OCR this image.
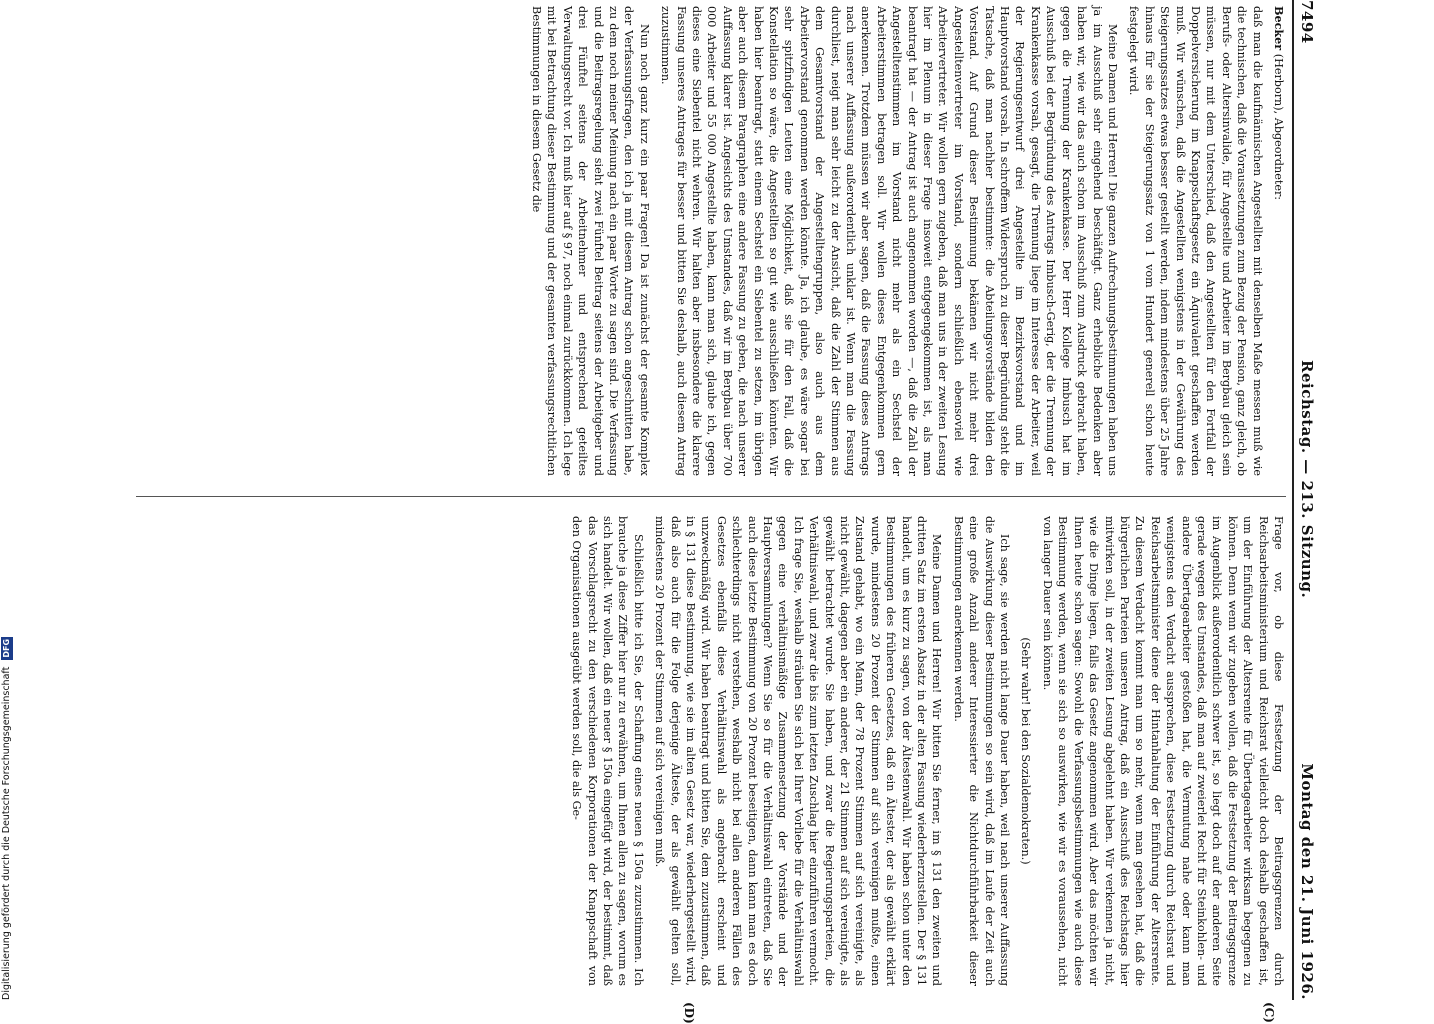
Digitalisierung gefördert durch die Deutsche Forschungsgemeinschaft DFG
7494
Reichstag. — 213. Sitzung.
Montag den 21. Juni 1926.
(C)
(D)

Becker (Herborn), Abgeordneter:

daß man die kaufmännischen Angestellten mit denselben Maße messen muß wie die technischen, daß die Voraussetzungen zum Bezug der Pension, ganz gleich, ob Berufs- oder Altersinvalide, für Angestellte und Arbeiter im Bergbau gleich sein müssen, nur mit dem Unterschied, daß den Angestellten für den Fortfall der Doppelversicherung im Knappschaftsgesetz ein Äquivalent geschaffen werden muß. Wir wünschen, daß die Angestellten wenigstens in der Gewährung des Steigerungssatzes etwas besser gestellt werden, indem mindestens über 25 Jahre hinaus für sie der Steigerungssatz von 1 vom Hundert generell schon heute festgelegt wird.

Meine Damen und Herren! Die ganzen Aufrechnungsbestimmungen haben uns ja im Ausschuß sehr eingehend beschäftigt. Ganz erhebliche Bedenken aber haben wir, wie wir das auch schon im Ausschuß zum Ausdruck gebracht haben, gegen die Trennung der Krankenkasse. Der Herr Kollege Imbusch hat im Ausschuß bei der Begründung des Antrags Imbusch-Gerig, der die Trennung der Krankenkasse vorsah, gesagt, die Trennung liege im Interesse der Arbeiter, weil der Regierungsentwurf drei Angestellte im Bezirksvorstand und im Hauptvorstand vorsah. In schroffem Widerspruch zu dieser Begründung steht die Tatsache, daß man nachher bestimmte: die Abteilungsvorstände bilden den Vorstand. Auf Grund dieser Bestimmung bekämen wir nicht mehr drei Angestelltenvertreter im Vorstand, sondern schließlich ebensoviel wie Arbeitervertreter. Wir wollen gern zugeben, daß man uns in der zweiten Lesung hier im Plenum in dieser Frage insoweit entgegengekommen ist, als man beantragt hat — der Antrag ist auch angenommen worden —, daß die Zahl der Angestelltenstimmen im Vorstand nicht mehr als ein Sechstel der Arbeiterstimmen betragen soll. Wir wollen dieses Entgegenkommen gern anerkennen. Trotzdem müssen wir aber sagen, daß die Fassung dieses Antrags nach unserer Auffassung außerordentlich unklar ist. Wenn man die Fassung durchliest, neigt man sehr leicht zu der Ansicht, daß die Zahl der Stimmen aus dem Gesamtvorstand der Angestelltengruppen, also auch aus dem Arbeitervorstand genommen werden könnte. Ja, ich glaube, es wäre sogar bei sehr spitzfindigen Leuten eine Möglichkeit, daß sie für den Fall, daß die Konstellation so wäre, die Angestellten so gut wie ausschließen könnten. Wir haben hier beantragt, statt einem Sechstel ein Siebentel zu setzen, im übrigen aber auch diesem Paragraphen eine andere Fassung zu geben, die nach unserer Auffassung klarer ist. Angesichts des Umstandes, daß wir im Bergbau über 700 000 Arbeiter und 55 000 Angestellte haben, kann man sich, glaube ich, gegen dieses eine Siebentel nicht wehren. Wir halten aber insbesondere die klarere Fassung unseres Antrages für besser und bitten Sie deshalb, auch diesem Antrag zuzustimmen.

Nun noch ganz kurz ein paar Fragen! Da ist zunächst der gesamte Komplex der Verfassungsfragen, den ich ja mit diesem Antrag schon angeschnitten habe, zu dem noch meiner Meinung nach ein paar Worte zu sagen sind. Die Verfassung und die Beitragsregelung sieht zwei Fünftel Beitrag seitens der Arbeitgeber und drei Fünftel seitens der Arbeitnehmer und entsprechend geteiltes Verwaltungsrecht vor. Ich muß hier auf § 97, noch einmal zurückkommen. Ich lege mit bei Betrachtung dieser Bestimmung und der gesamten verfassungsrechtlichen Bestimmungen in diesem Gesetz die

Frage vor, ob diese Festsetzung der Beitragsgrenzen durch Reichsarbeitsministerium und Reichsrat vielleicht doch deshalb geschaffen ist, um der Einführung der Altersrente für Übertagearbeiter wirksam begegnen zu können. Denn wenn wir zugeben wollen, daß die Festsetzung der Beitragsgrenze im Augenblick außerordentlich schwer ist, so liegt doch auf der anderen Seite gerade wegen des Umstandes, daß man auf zweierlei Recht für Steinkohlen- und andere Übertagearbeiter gestoßen hat, die Vermutung nahe oder kann man wenigstens den Verdacht aussprechen, diese Festsetzung durch Reichsrat und Reichsarbeitsminister diene der Hintanhaltung der Einführung der Altersrente. Zu diesem Verdacht kommt man um so mehr, wenn man gesehen hat, daß die bürgerlichen Parteien unseren Antrag, daß ein Ausschuß des Reichstags hier mitwirken soll, in der zweiten Lesung abgelehnt haben. Wir verkennen ja nicht, wie die Dinge liegen, falls das Gesetz angenommen wird. Aber das möchten wir Ihnen heute schon sagen: Sowohl die Verfassungsbestimmungen wie auch diese Bestimmung werden, wenn sie sich so auswirken, wie wir es voraussehen, nicht von langer Dauer sein können.

(Sehr wahr! bei den Sozialdemokraten.)

Ich sage, sie werden nicht lange Dauer haben, weil nach unserer Auffassung die Auswirkung dieser Bestimmungen so sein wird, daß im Laufe der Zeit auch eine große Anzahl anderer Interessierter die Nichtdurchführbarkeit dieser Bestimmungen anerkennen werden.

Meine Damen und Herren! Wir bitten Sie ferner, im § 131 den zweiten und dritten Satz im ersten Absatz in der alten Fassung wiederherzustellen. Der § 131 handelt, um es kurz zu sagen, von der Ältestenwahl. Wir haben schon unter den Bestimmungen des früheren Gesetzes, daß ein Ältester, der als gewählt erklärt wurde, mindestens 20 Prozent der Stimmen auf sich vereinigen mußte, einen Zustand gehabt, wo ein Mann, der 78 Prozent Stimmen auf sich vereinigte, als nicht gewählt, dagegen aber ein anderer, der 21 Stimmen auf sich vereinigte, als gewählt betrachtet wurde. Sie haben, und zwar die Regierungsparteien, die Verhältniswahl, und zwar die bis zum letzten Zuschlag hier einzuführen vermocht. Ich frage Sie, weshalb sträuben Sie sich bei Ihrer Vorliebe für die Verhältniswahl gegen eine verhältnismäßige Zusammensetzung der Vorstände und der Hauptversammlungen? Wenn Sie so für die Verhältniswahl eintreten, daß Sie auch diese letzte Bestimmung von 20 Prozent beseitigen, dann kann man es doch schlechterdings nicht verstehen, weshalb nicht bei allen anderen Fällen des Gesetzes ebenfalls diese Verhältniswahl als angebracht erscheint und unzweckmäßig wird. Wir haben beantragt und bitten Sie, dem zuzustimmen, daß in § 131 diese Bestimmung, wie sie im alten Gesetz war, wiederhergestellt wird, daß also auch für die Folge derjenige Älteste, der als gewählt gelten soll, mindestens 20 Prozent der Stimmen auf sich vereinigen muß.

Schließlich bitte ich Sie, der Schaffung eines neuen § 150a zuzustimmen. Ich brauche ja diese Ziffer hier nur zu erwähnen, um Ihnen allen zu sagen, worum es sich handelt. Wir wollen, daß ein neuer § 150a eingefügt wird, der bestimmt, daß das Vorschlagsrecht zu den verschiedenen Korporationen der Knappschaft von den Organisationen ausgeübt werden soll, die als Ge-
